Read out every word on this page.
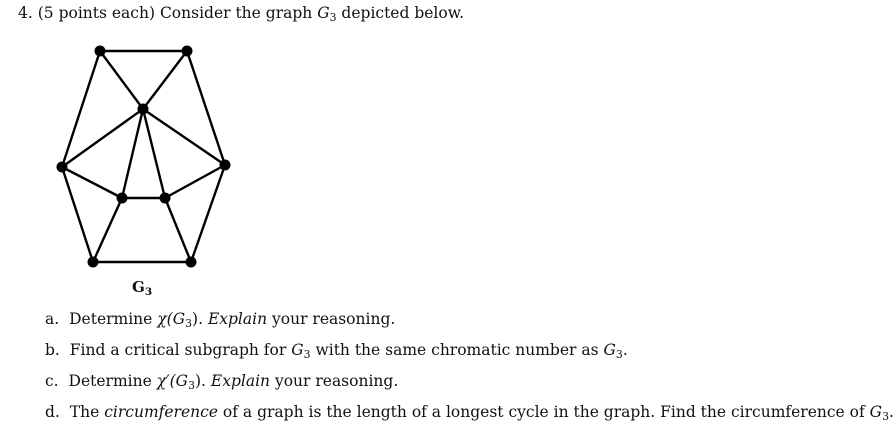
4. (5 points each) Consider the graph $G_3$ depicted below.
$G_3$
a. Determine $\chi(G_3)$. Explain your reasoning.
b. Find a critical subgraph for $G_3$ with the same chromatic number as $G_3$.
c. Determine $\chi'(G_3)$. Explain your reasoning.
d. The circumference of a graph is the length of a longest cycle in the graph. Find the circumference of $G_3$.
